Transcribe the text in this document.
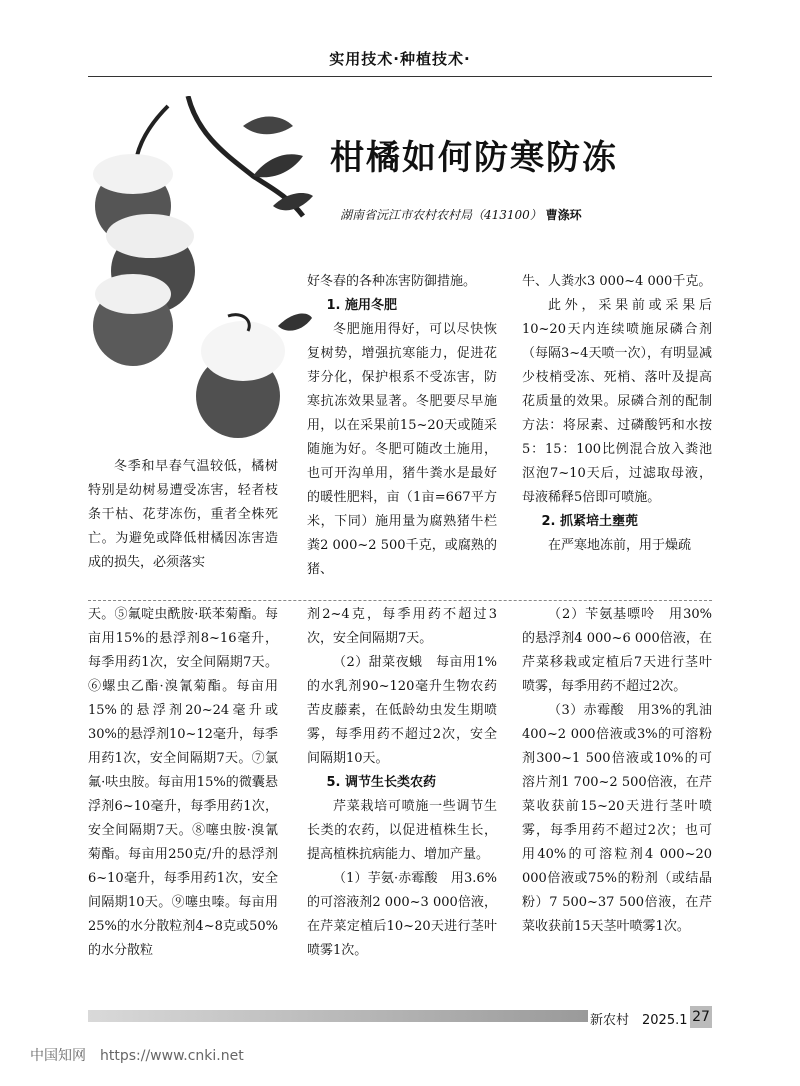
实用技术·种植技术·
柑橘如何防寒防冻
湖南省沅江市农村农村局（413100） 曹涤环

冬季和早春气温较低，橘树特别是幼树易遭受冻害，轻者枝条干枯、花芽冻伤，重者全株死亡。为避免或降低柑橘因冻害造成的损失，必须落实

好冬春的各种冻害防御措施。

1. 施用冬肥

冬肥施用得好，可以尽快恢复树势，增强抗寒能力，促进花芽分化，保护根系不受冻害，防寒抗冻效果显著。冬肥要尽早施用，以在采果前15~20天或随采随施为好。冬肥可随改土施用，也可开沟单用，猪牛粪水是最好的暖性肥料，亩（1亩=667平方米，下同）施用量为腐熟猪牛栏粪2 000~2 500千克，或腐熟的猪、

牛、人粪水3 000~4 000千克。

此外，采果前或采果后10~20天内连续喷施尿磷合剂（每隔3~4天喷一次），有明显减少枝梢受冻、死梢、落叶及提高花质量的效果。尿磷合剂的配制方法：将尿素、过磷酸钙和水按5：15：100比例混合放入粪池沤泡7~10天后，过滤取母液，母液稀释5倍即可喷施。

2. 抓紧培土壅蔸

在严寒地冻前，用于燥疏

天。⑤氟啶虫酰胺·联苯菊酯。每亩用15%的悬浮剂8~16毫升，每季用药1次，安全间隔期7天。⑥螺虫乙酯·溴氰菊酯。每亩用15%的悬浮剂20~24毫升或30%的悬浮剂10~12毫升，每季用药1次，安全间隔期7天。⑦氯氟·呋虫胺。每亩用15%的微囊悬浮剂6~10毫升，每季用药1次，安全间隔期7天。⑧噻虫胺·溴氰菊酯。每亩用250克/升的悬浮剂6~10毫升，每季用药1次，安全间隔期10天。⑨噻虫嗪。每亩用25%的水分散粒剂4~8克或50%的水分散粒

剂2~4克，每季用药不超过3次，安全间隔期7天。

（2）甜菜夜蛾　每亩用1%的水乳剂90~120毫升生物农药苦皮藤素，在低龄幼虫发生期喷雾，每季用药不超过2次，安全间隔期10天。

5. 调节生长类农药

芹菜栽培可喷施一些调节生长类的农药，以促进植株生长，提高植株抗病能力、增加产量。

（1）芋氨·赤霉酸　用3.6%的可溶液剂2 000~3 000倍液，在芹菜定植后10~20天进行茎叶喷雾1次。

（2）苄氨基嘌呤　用30%的悬浮剂4 000~6 000倍液，在芹菜移栽或定植后7天进行茎叶喷雾，每季用药不超过2次。

（3）赤霉酸　用3%的乳油400~2 000倍液或3%的可溶粉剂300~1 500倍液或10%的可溶片剂1 700~2 500倍液，在芹菜收获前15~20天进行茎叶喷雾，每季用药不超过2次；也可用40%的可溶粒剂4 000~20 000倍液或75%的粉剂（或结晶粉）7 500~37 500倍液，在芹菜收获前15天茎叶喷雾1次。

新农村　2025.1 27
中国知网 https://www.cnki.net
